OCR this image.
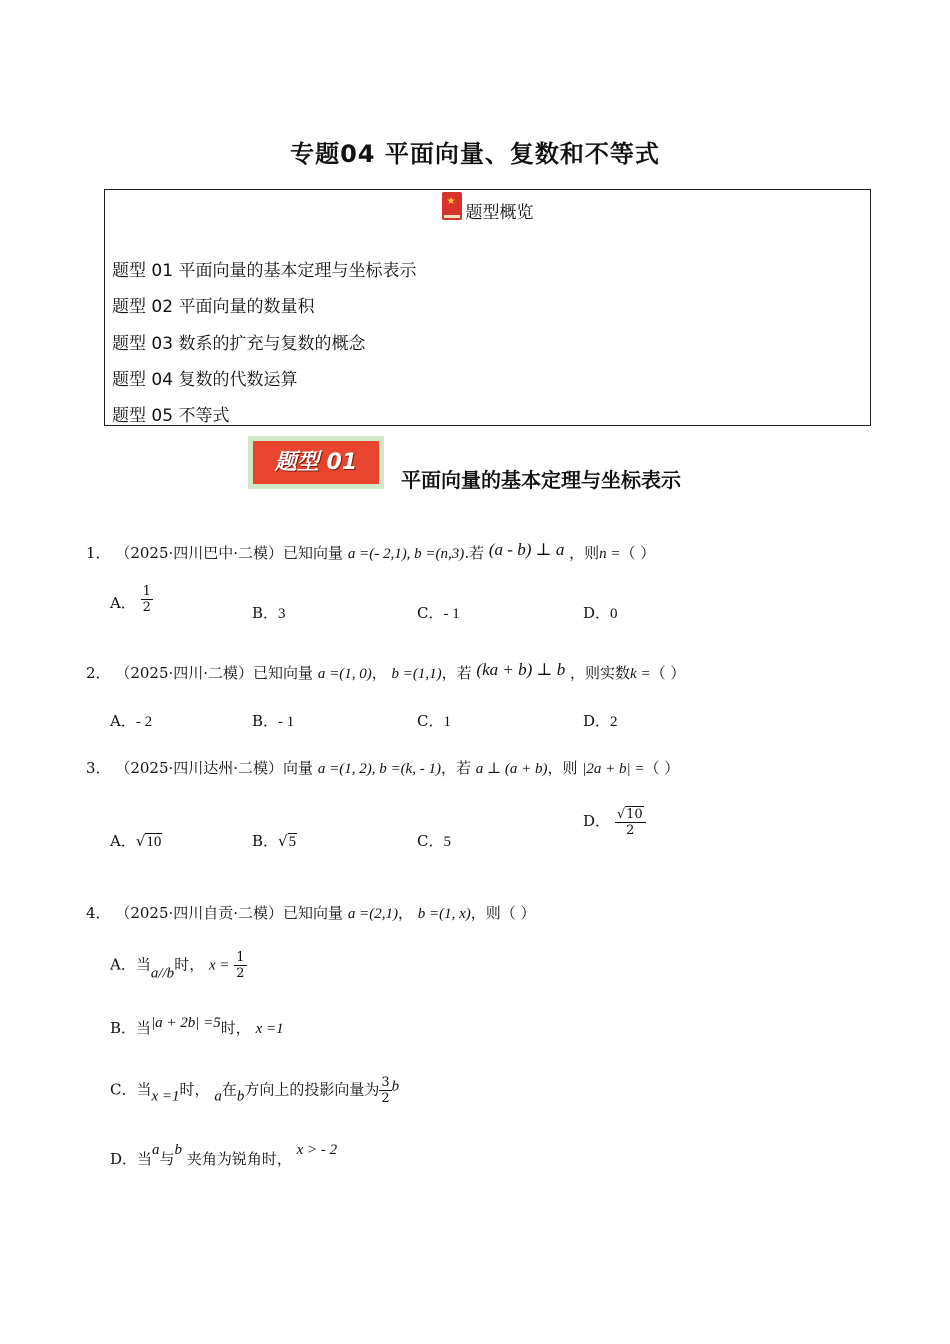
专题04 平面向量、复数和不等式
★
题型概览
题型 01 平面向量的基本定理与坐标表示
题型 02 平面向量的数量积
题型 03 数系的扩充与复数的概念
题型 04 复数的代数运算
题型 05 不等式
题型 01
平面向量的基本定理与坐标表示
1． （2025·四川巴中·二模）已知向量 a =(- 2,1), b =(n,3).若 (a - b) ⊥ a ，则n =（ ）
A． $\frac{1}{2}$	B．3	C．- 1	D．0
2． （2025·四川·二模）已知向量 a =(1, 0)， b =(1,1)，若 (ka + b) ⊥ b ，则实数k =（ ）
A．- 2	B．- 1	C．1	D．2
3． （2025·四川达州·二模）向量 a =(1, 2), b =(k, - 1)，若 a ⊥ (a + b)，则 |2a + b| =（ ）
A．√10	B．√5	C．5
D． $\frac{√10}{2}$
4． （2025·四川自贡·二模）已知向量 a =(2,1)， b =(1, x)，则（ ）
A．当a//b时， $x = \frac{1}{2}$
B．当|a + 2b| =5时， x =1
C．当x =1时， a在b方向上的投影向量为 $\frac{3}{2}$ b
D．当a与b 夹角为锐角时， x > - 2
